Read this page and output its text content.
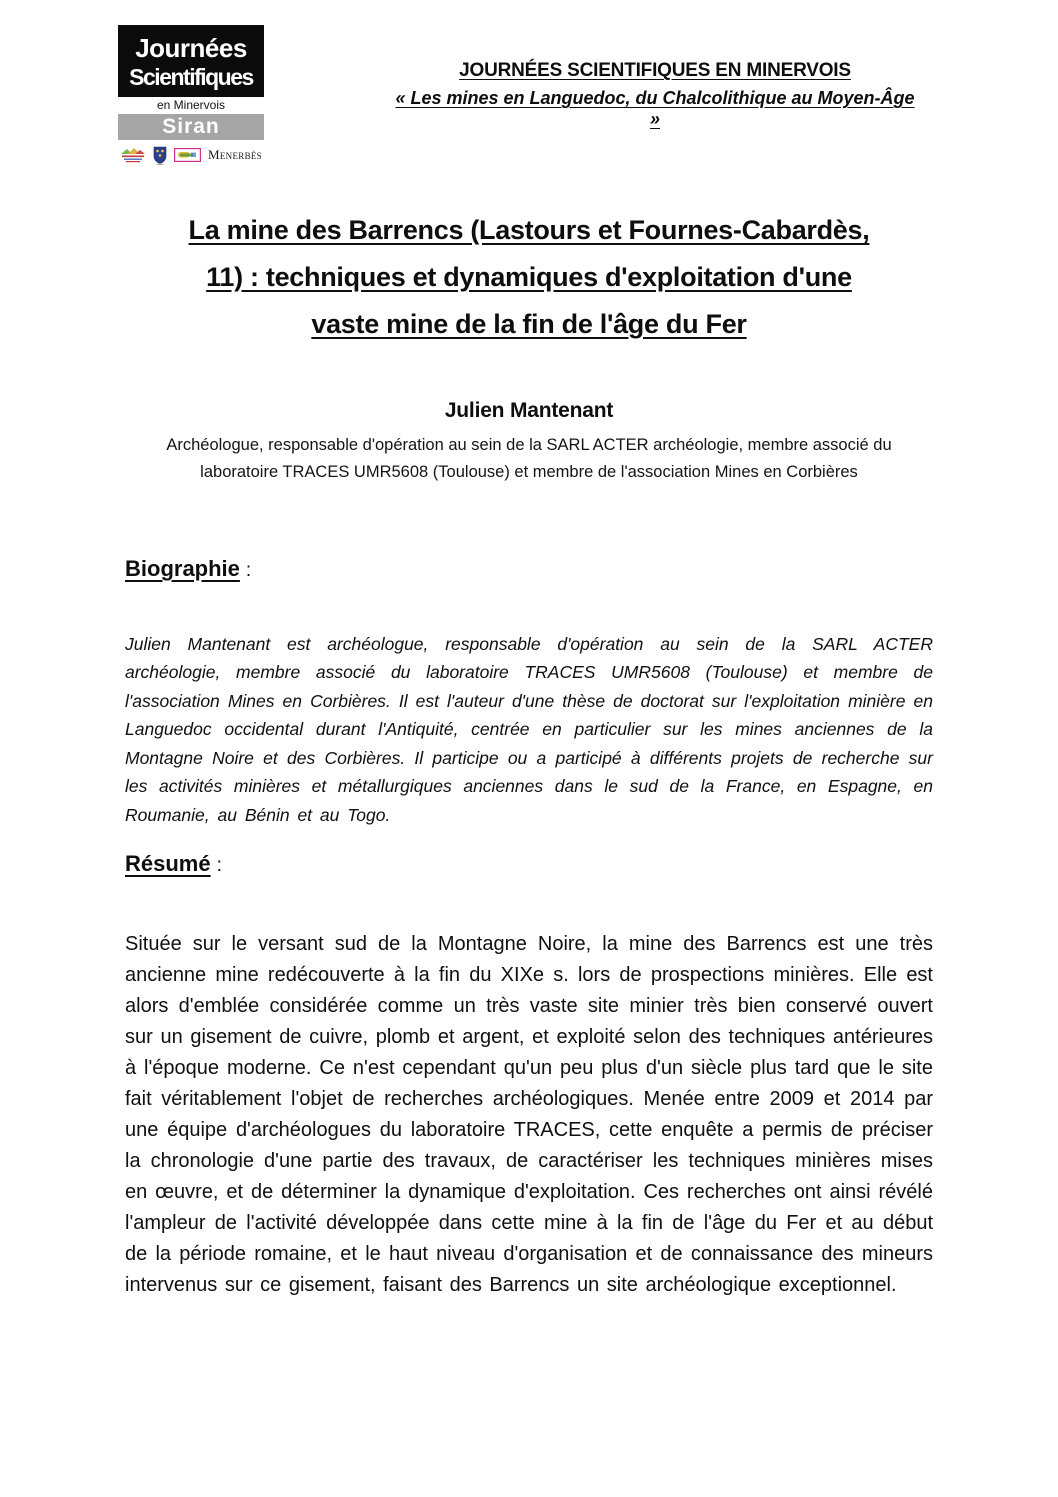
Journées
Scientifiques
en Minervois
Siran
Menerbés
JOURNÉES SCIENTIFIQUES EN MINERVOIS
« Les mines en Languedoc, du Chalcolithique au Moyen-Âge »
La mine des Barrencs (Lastours et Fournes-Cabardès,
11) : techniques et dynamiques d'exploitation d'une
vaste mine de la fin de l'âge du Fer
Julien Mantenant
Archéologue, responsable d'opération au sein de la SARL ACTER archéologie, membre associé du
laboratoire TRACES UMR5608 (Toulouse) et membre de l'association Mines en Corbières
Biographie :

Julien Mantenant est archéologue, responsable d'opération au sein de la SARL ACTER archéologie, membre associé du laboratoire TRACES UMR5608 (Toulouse) et membre de l'association Mines en Corbières. Il est l'auteur d'une thèse de doctorat sur l'exploitation minière en Languedoc occidental durant l'Antiquité, centrée en particulier sur les mines anciennes de la Montagne Noire et des Corbières. Il participe ou a participé à différents projets de recherche sur les activités minières et métallurgiques anciennes dans le sud de la France, en Espagne, en Roumanie, au Bénin et au Togo.

Résumé :

Située sur le versant sud de la Montagne Noire, la mine des Barrencs est une très ancienne mine redécouverte à la fin du XIXe s. lors de prospections minières. Elle est alors d'emblée considérée comme un très vaste site minier très bien conservé ouvert sur un gisement de cuivre, plomb et argent, et exploité selon des techniques antérieures à l'époque moderne. Ce n'est cependant qu'un peu plus d'un siècle plus tard que le site fait véritablement l'objet de recherches archéologiques. Menée entre 2009 et 2014 par une équipe d'archéologues du laboratoire TRACES, cette enquête a permis de préciser la chronologie d'une partie des travaux, de caractériser les techniques minières mises en œuvre, et de déterminer la dynamique d'exploitation. Ces recherches ont ainsi révélé l'ampleur de l'activité développée dans cette mine à la fin de l'âge du Fer et au début de la période romaine, et le haut niveau d'organisation et de connaissance des mineurs intervenus sur ce gisement, faisant des Barrencs un site archéologique exceptionnel.
